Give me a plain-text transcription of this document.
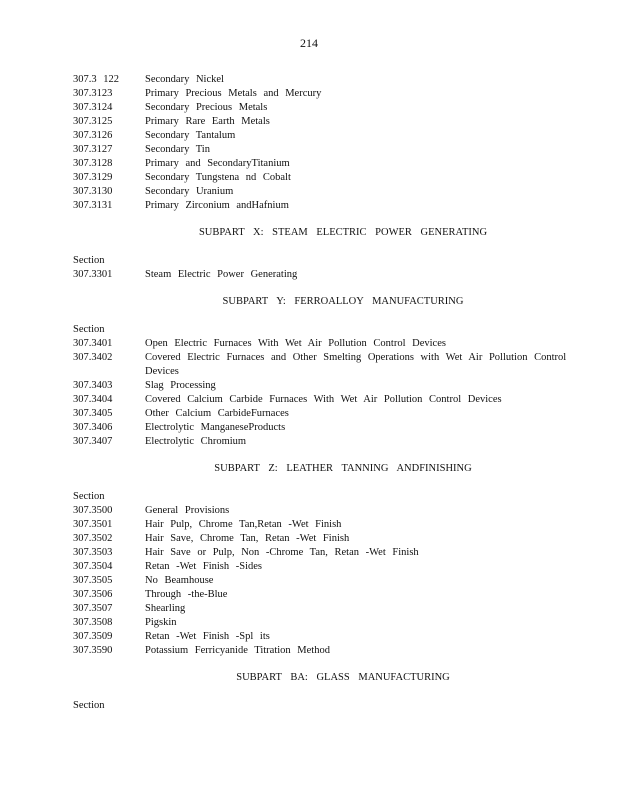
214
307.3 122	Secondary Nickel
307.3123	Primary Precious Metals and Mercury
307.3124	Secondary Precious Metals
307.3125	Primary Rare Earth Metals
307.3126	Secondary Tantalum
307.3127	Secondary Tin
307.3128	Primary and SecondaryTitanium
307.3129	Secondary Tungstena nd Cobalt
307.3130	Secondary Uranium
307.3131	Primary Zirconium andHafnium
SUBPART X: STEAM ELECTRIC POWER GENERATING
Section
307.3301	Steam Electric Power Generating
SUBPART Y: FERROALLOY MANUFACTURING
Section
307.3401	Open Electric Furnaces With Wet Air Pollution Control Devices
307.3402	Covered Electric Furnaces and Other Smelting Operations with Wet Air Pollution Control Devices
307.3403	Slag Processing
307.3404	Covered Calcium Carbide Furnaces With Wet Air Pollution Control Devices
307.3405	Other Calcium CarbideFurnaces
307.3406	Electrolytic ManganeseProducts
307.3407	Electrolytic Chromium
SUBPART Z: LEATHER TANNING ANDFINISHING
Section
307.3500	General Provisions
307.3501	Hair Pulp, Chrome Tan,Retan -Wet Finish
307.3502	Hair Save, Chrome Tan, Retan -Wet Finish
307.3503	Hair Save or Pulp, Non -Chrome Tan, Retan -Wet Finish
307.3504	Retan -Wet Finish -Sides
307.3505	No Beamhouse
307.3506	Through -the-Blue
307.3507	Shearling
307.3508	Pigskin
307.3509	Retan -Wet Finish -Spl its
307.3590	Potassium Ferricyanide Titration Method
SUBPART BA: GLASS MANUFACTURING
Section
